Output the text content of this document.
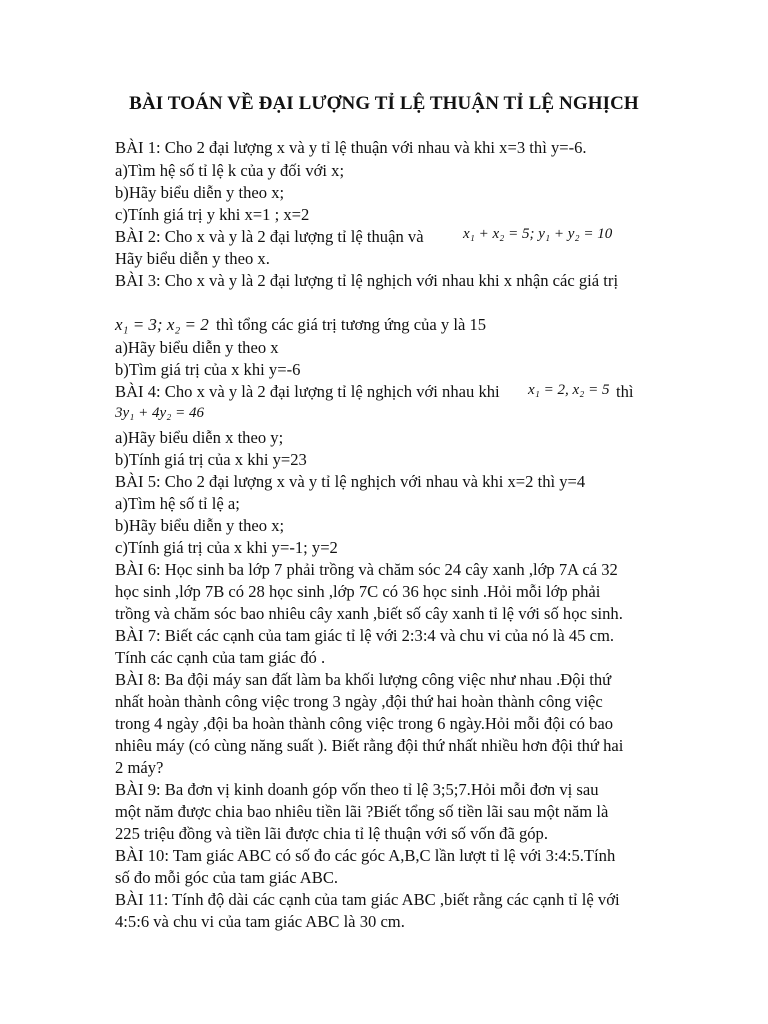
BÀI TOÁN VỀ ĐẠI LƯỢNG TỈ LỆ THUẬN TỈ LỆ NGHỊCH
BÀI 1: Cho 2 đại lượng x và y tỉ lệ thuận với nhau và khi x=3 thì y=-6.
a)Tìm hệ số tỉ lệ k của y đối với x;
b)Hãy biểu diễn y theo x;
c)Tính giá trị y khi x=1 ; x=2
BÀI 2: Cho x và y là 2 đại lượng tỉ lệ thuận và	x₁ + x₂ = 5; y₁ + y₂ = 10
Hãy biểu diễn y theo x.
BÀI 3: Cho x và y là 2 đại lượng tỉ lệ nghịch với nhau khi x nhận các giá trị
x₁ = 3; x₂ = 2 thì tổng các giá trị tương ứng của y là 15
a)Hãy biểu diễn y theo x
b)Tìm giá trị của x khi y=-6
BÀI 4: Cho x và y là 2 đại lượng tỉ lệ nghịch với nhau khi x₁ = 2, x₂ = 5 thì
3y₁ + 4y₂ = 46
a)Hãy biểu diễn x theo y;
b)Tính giá trị của x khi y=23
BÀI 5: Cho 2 đại lượng x và y tỉ lệ nghịch với nhau và khi x=2 thì y=4
a)Tìm hệ số tỉ lệ a;
b)Hãy biểu diễn y theo x;
c)Tính giá trị của x khi y=-1; y=2
BÀI 6: Học sinh ba lớp 7 phải trồng và chăm sóc 24 cây xanh ,lớp 7A cá 32
học sinh ,lớp 7B có 28 học sinh ,lớp 7C có 36 học sinh .Hỏi mỗi lớp phải
trồng và chăm sóc bao nhiêu cây xanh ,biết số cây xanh tỉ lệ với số học sinh.
BÀI 7: Biết các cạnh của tam giác tỉ lệ với 2:3:4 và chu vi của nó là 45 cm.
Tính các cạnh của tam giác đó .
BÀI 8: Ba đội máy san đất làm ba khối lượng công việc như nhau .Đội thứ
nhất hoàn thành công việc trong 3 ngày ,đội thứ hai hoàn thành công việc
trong 4 ngày ,đội ba hoàn thành công việc trong 6 ngày.Hỏi mỗi đội có bao
nhiêu máy (có cùng năng suất ). Biết rằng đội thứ nhất nhiều hơn đội thứ hai
2 máy?
BÀI 9: Ba đơn vị kinh doanh góp vốn theo tỉ lệ 3;5;7.Hỏi mỗi đơn vị sau
một năm được chia bao nhiêu tiền lãi ?Biết tổng số tiền lãi sau một năm là
225 triệu đồng và tiền lãi được chia tỉ lệ thuận với số vốn đã góp.
BÀI 10: Tam giác ABC có số đo các góc A,B,C lần lượt tỉ lệ với 3:4:5.Tính
số đo mỗi góc của tam giác ABC.
BÀI 11: Tính độ dài các cạnh của tam giác ABC ,biết rằng các cạnh tỉ lệ với
4:5:6 và chu vi của tam giác ABC là 30 cm.
